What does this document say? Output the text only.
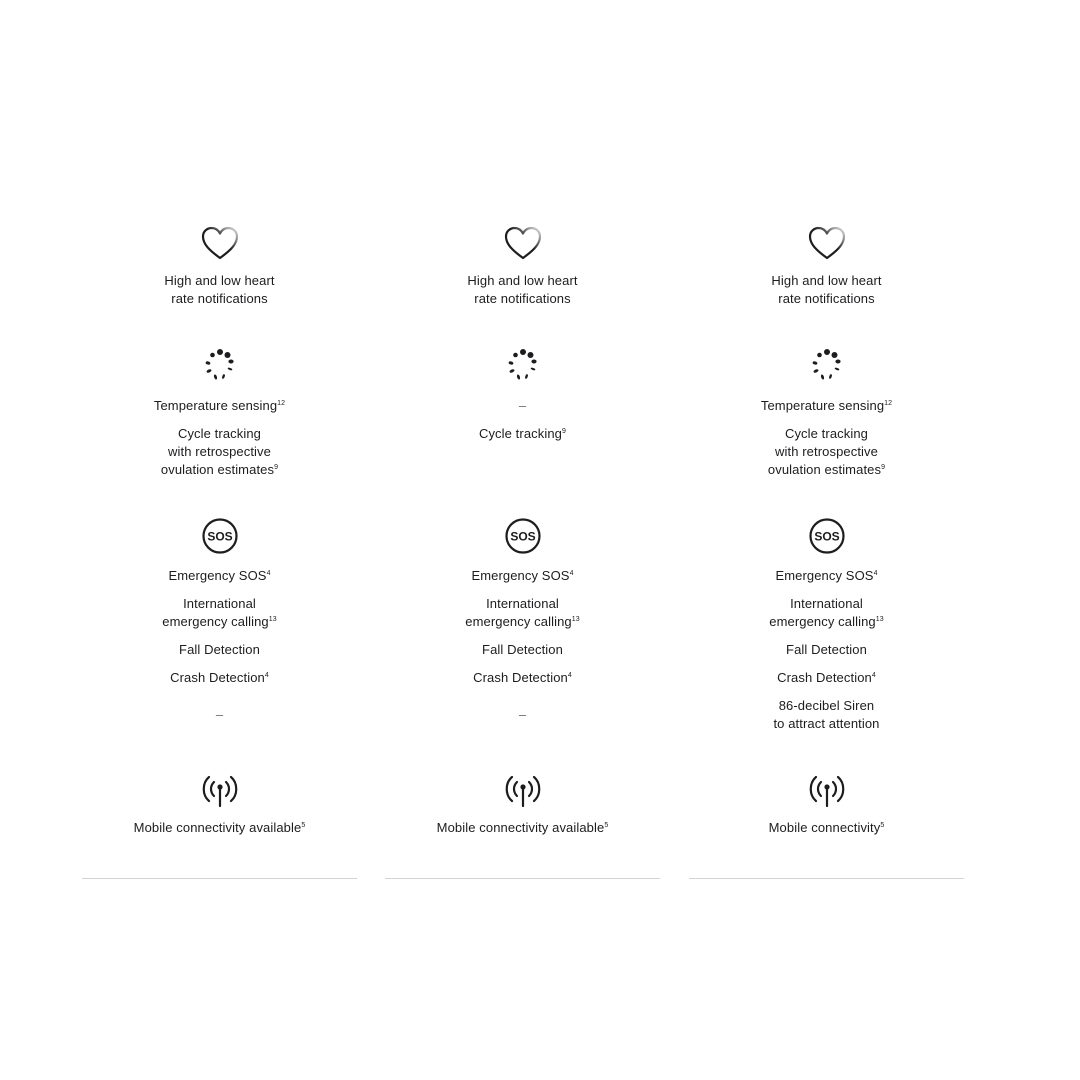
High and low heart
rate notifications
Temperature sensing$^{12}$
Cycle tracking
with retrospective
ovulation estimates$^9$
SOS
Emergency SOS$^4$
International
emergency calling$^{13}$
Fall Detection
Crash Detection$^4$
–
Mobile connectivity available$^5$
High and low heart
rate notifications
–
Cycle tracking$^9$
SOS
Emergency SOS$^4$
International
emergency calling$^{13}$
Fall Detection
Crash Detection$^4$
–
Mobile connectivity available$^5$
High and low heart
rate notifications
Temperature sensing$^{12}$
Cycle tracking
with retrospective
ovulation estimates$^9$
SOS
Emergency SOS$^4$
International
emergency calling$^{13}$
Fall Detection
Crash Detection$^4$
86-decibel Siren
to attract attention
Mobile connectivity$^5$
